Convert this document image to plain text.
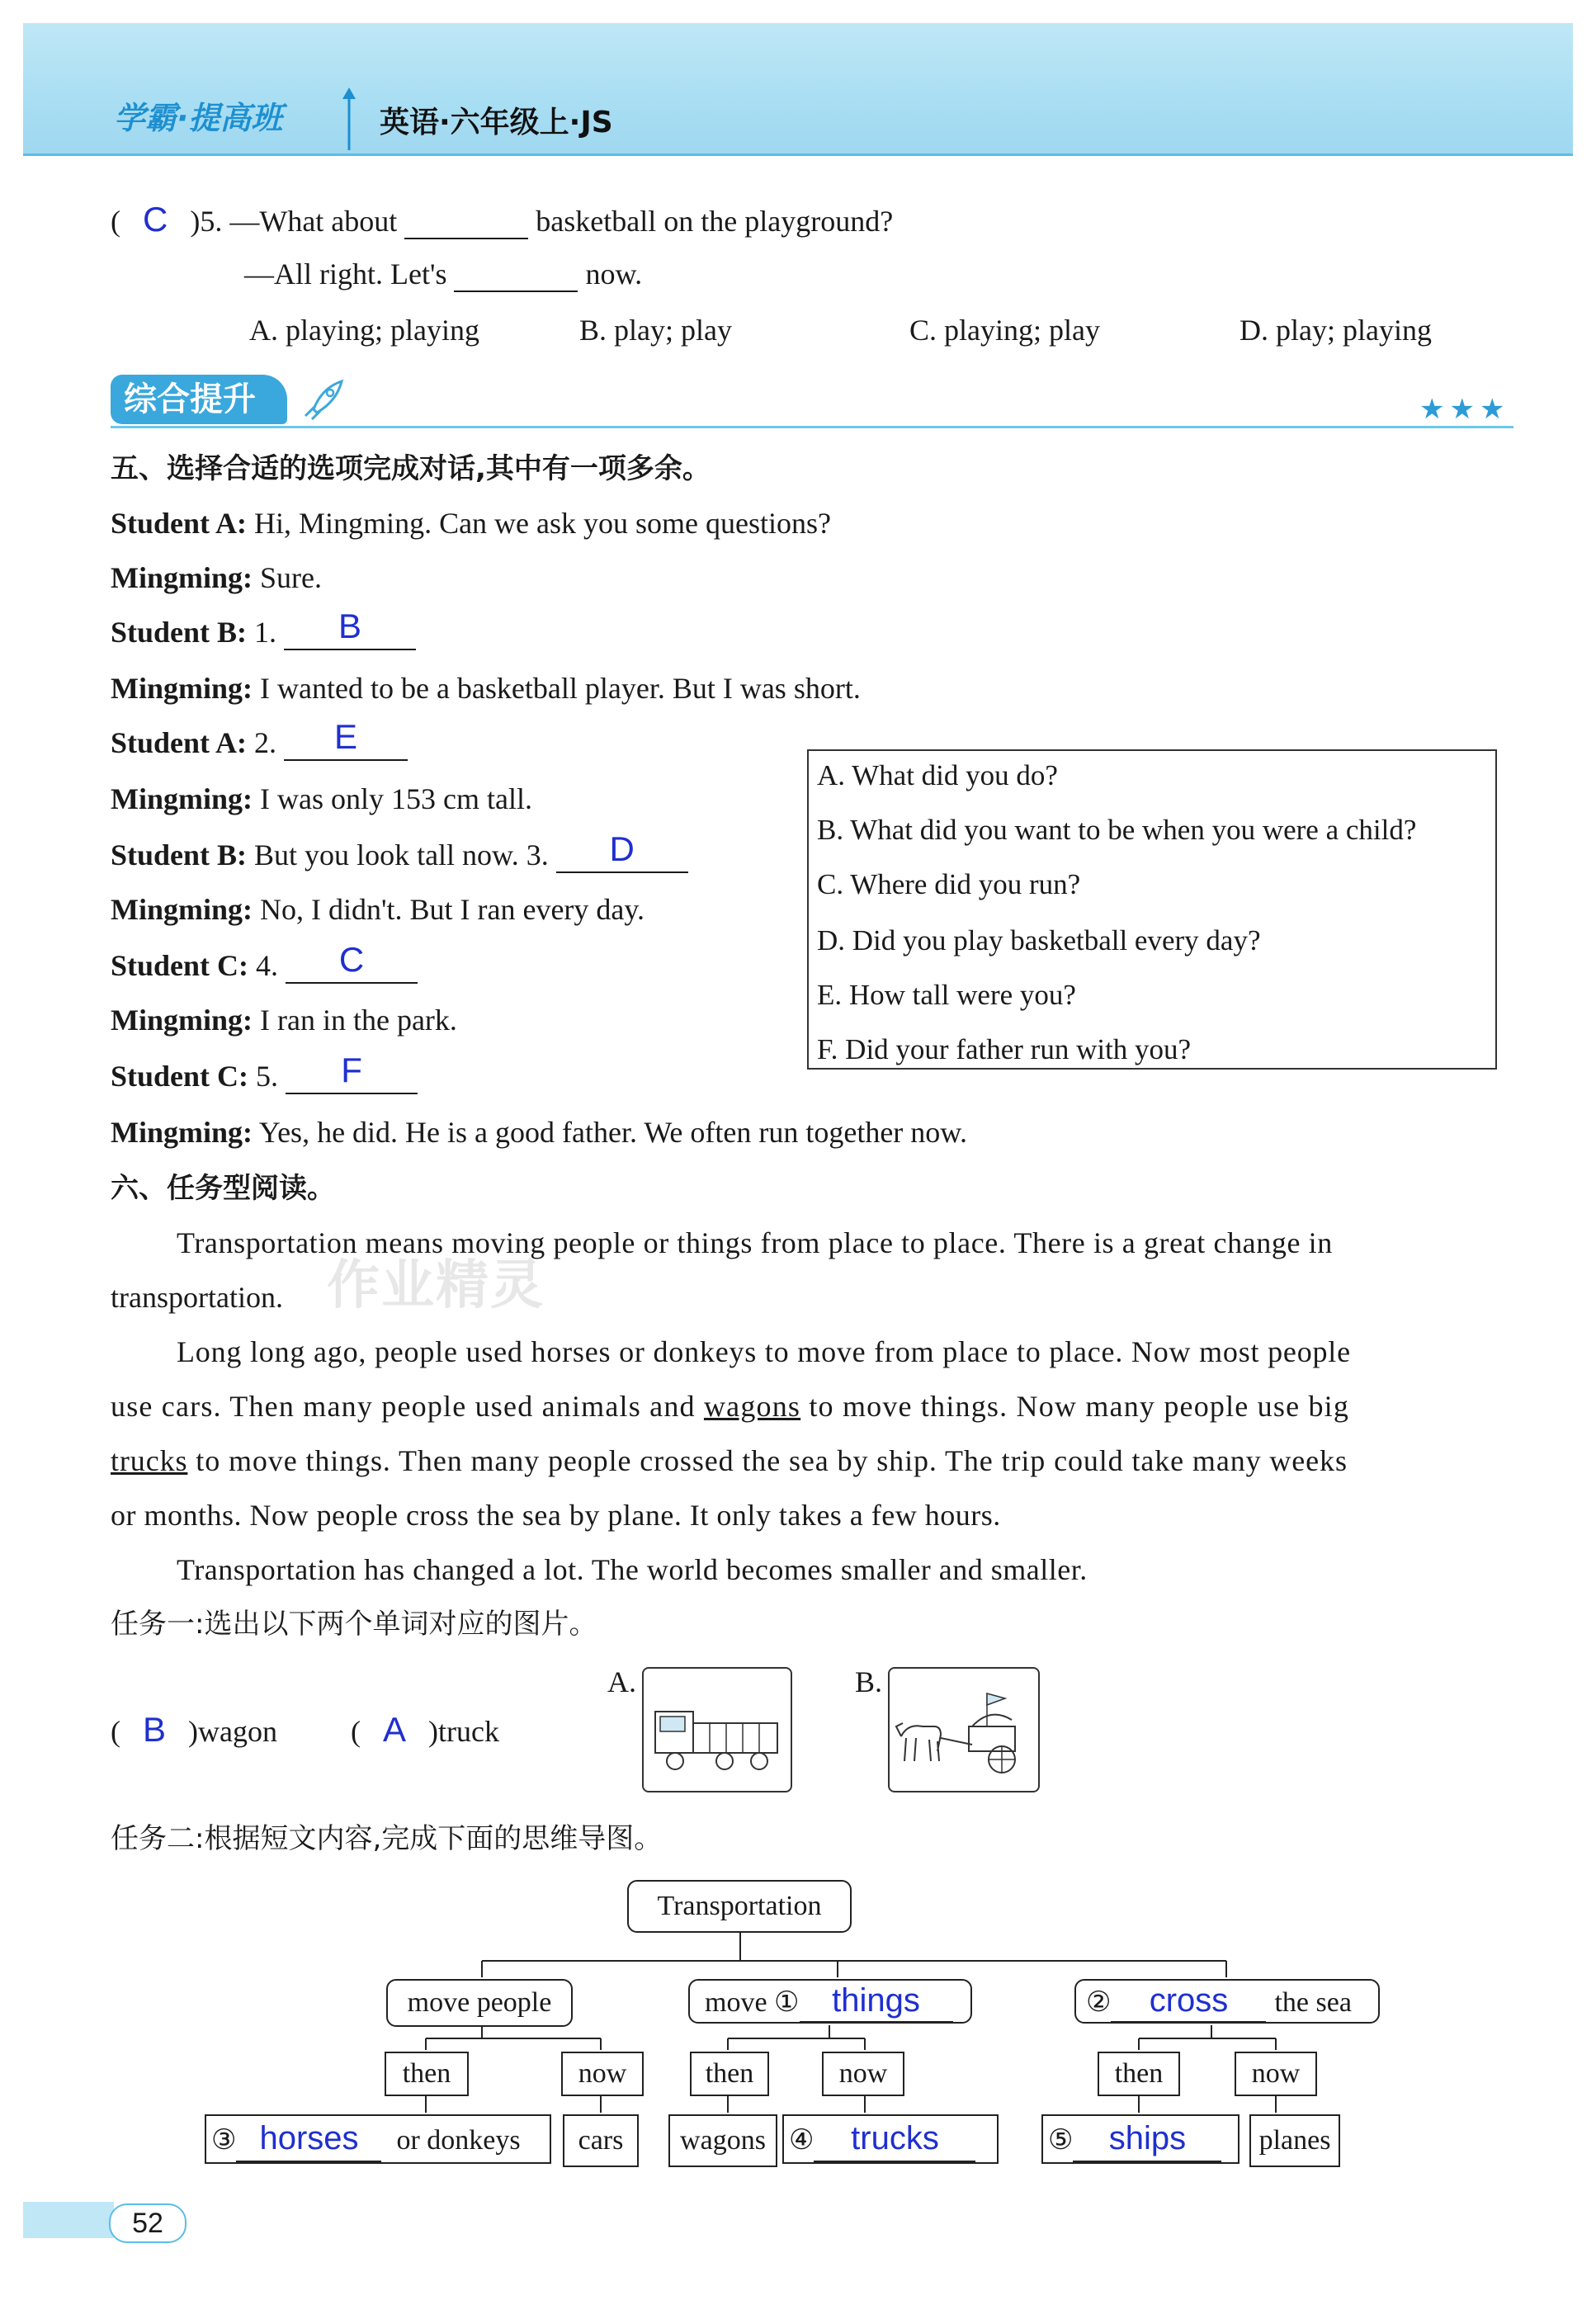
学霸·提高班	英语·六年级上·JS
( C )5. —What about	basketball on the playground?
—All right. Let's	now.
A. playing; playing	B. play; play	C. playing; play	D. play; playing
综合提升	★★★
五、选择合适的选项完成对话,其中有一项多余。
Student A: Hi, Mingming. Can we ask you some questions?
Mingming: Sure.
Student B: 1.	B
Mingming: I wanted to be a basketball player. But I was short.
Student A: 2.	E
Mingming: I was only 153 cm tall.
Student B: But you look tall now. 3.	D
Mingming: No, I didn't. But I ran every day.
Student C: 4.	C
Mingming: I ran in the park.
Student C: 5.	F
Mingming: Yes, he did. He is a good father. We often run together now.
A. What did you do?
B. What did you want to be when you were a child?
C. Where did you run?
D. Did you play basketball every day?
E. How tall were you?
F. Did your father run with you?
六、任务型阅读。
Transportation means moving people or things from place to place. There is a great change in
transportation.
Long long ago, people used horses or donkeys to move from place to place. Now most people
use cars. Then many people used animals and wagons to move things. Now many people use big
trucks to move things. Then many people crossed the sea by ship. The trip could take many weeks
or months. Now people cross the sea by plane. It only takes a few hours.
Transportation has changed a lot. The world becomes smaller and smaller.
任务一:选出以下两个单词对应的图片。
( B )wagon ( A )truck
A.	B.
任务二:根据短文内容,完成下面的思维导图。
Transportation
move people	move ① things	② cross the sea
then	now	then	now	then	now
③ horses or donkeys	cars	wagons ④ trucks	⑤ ships	planes
作业精灵
52
